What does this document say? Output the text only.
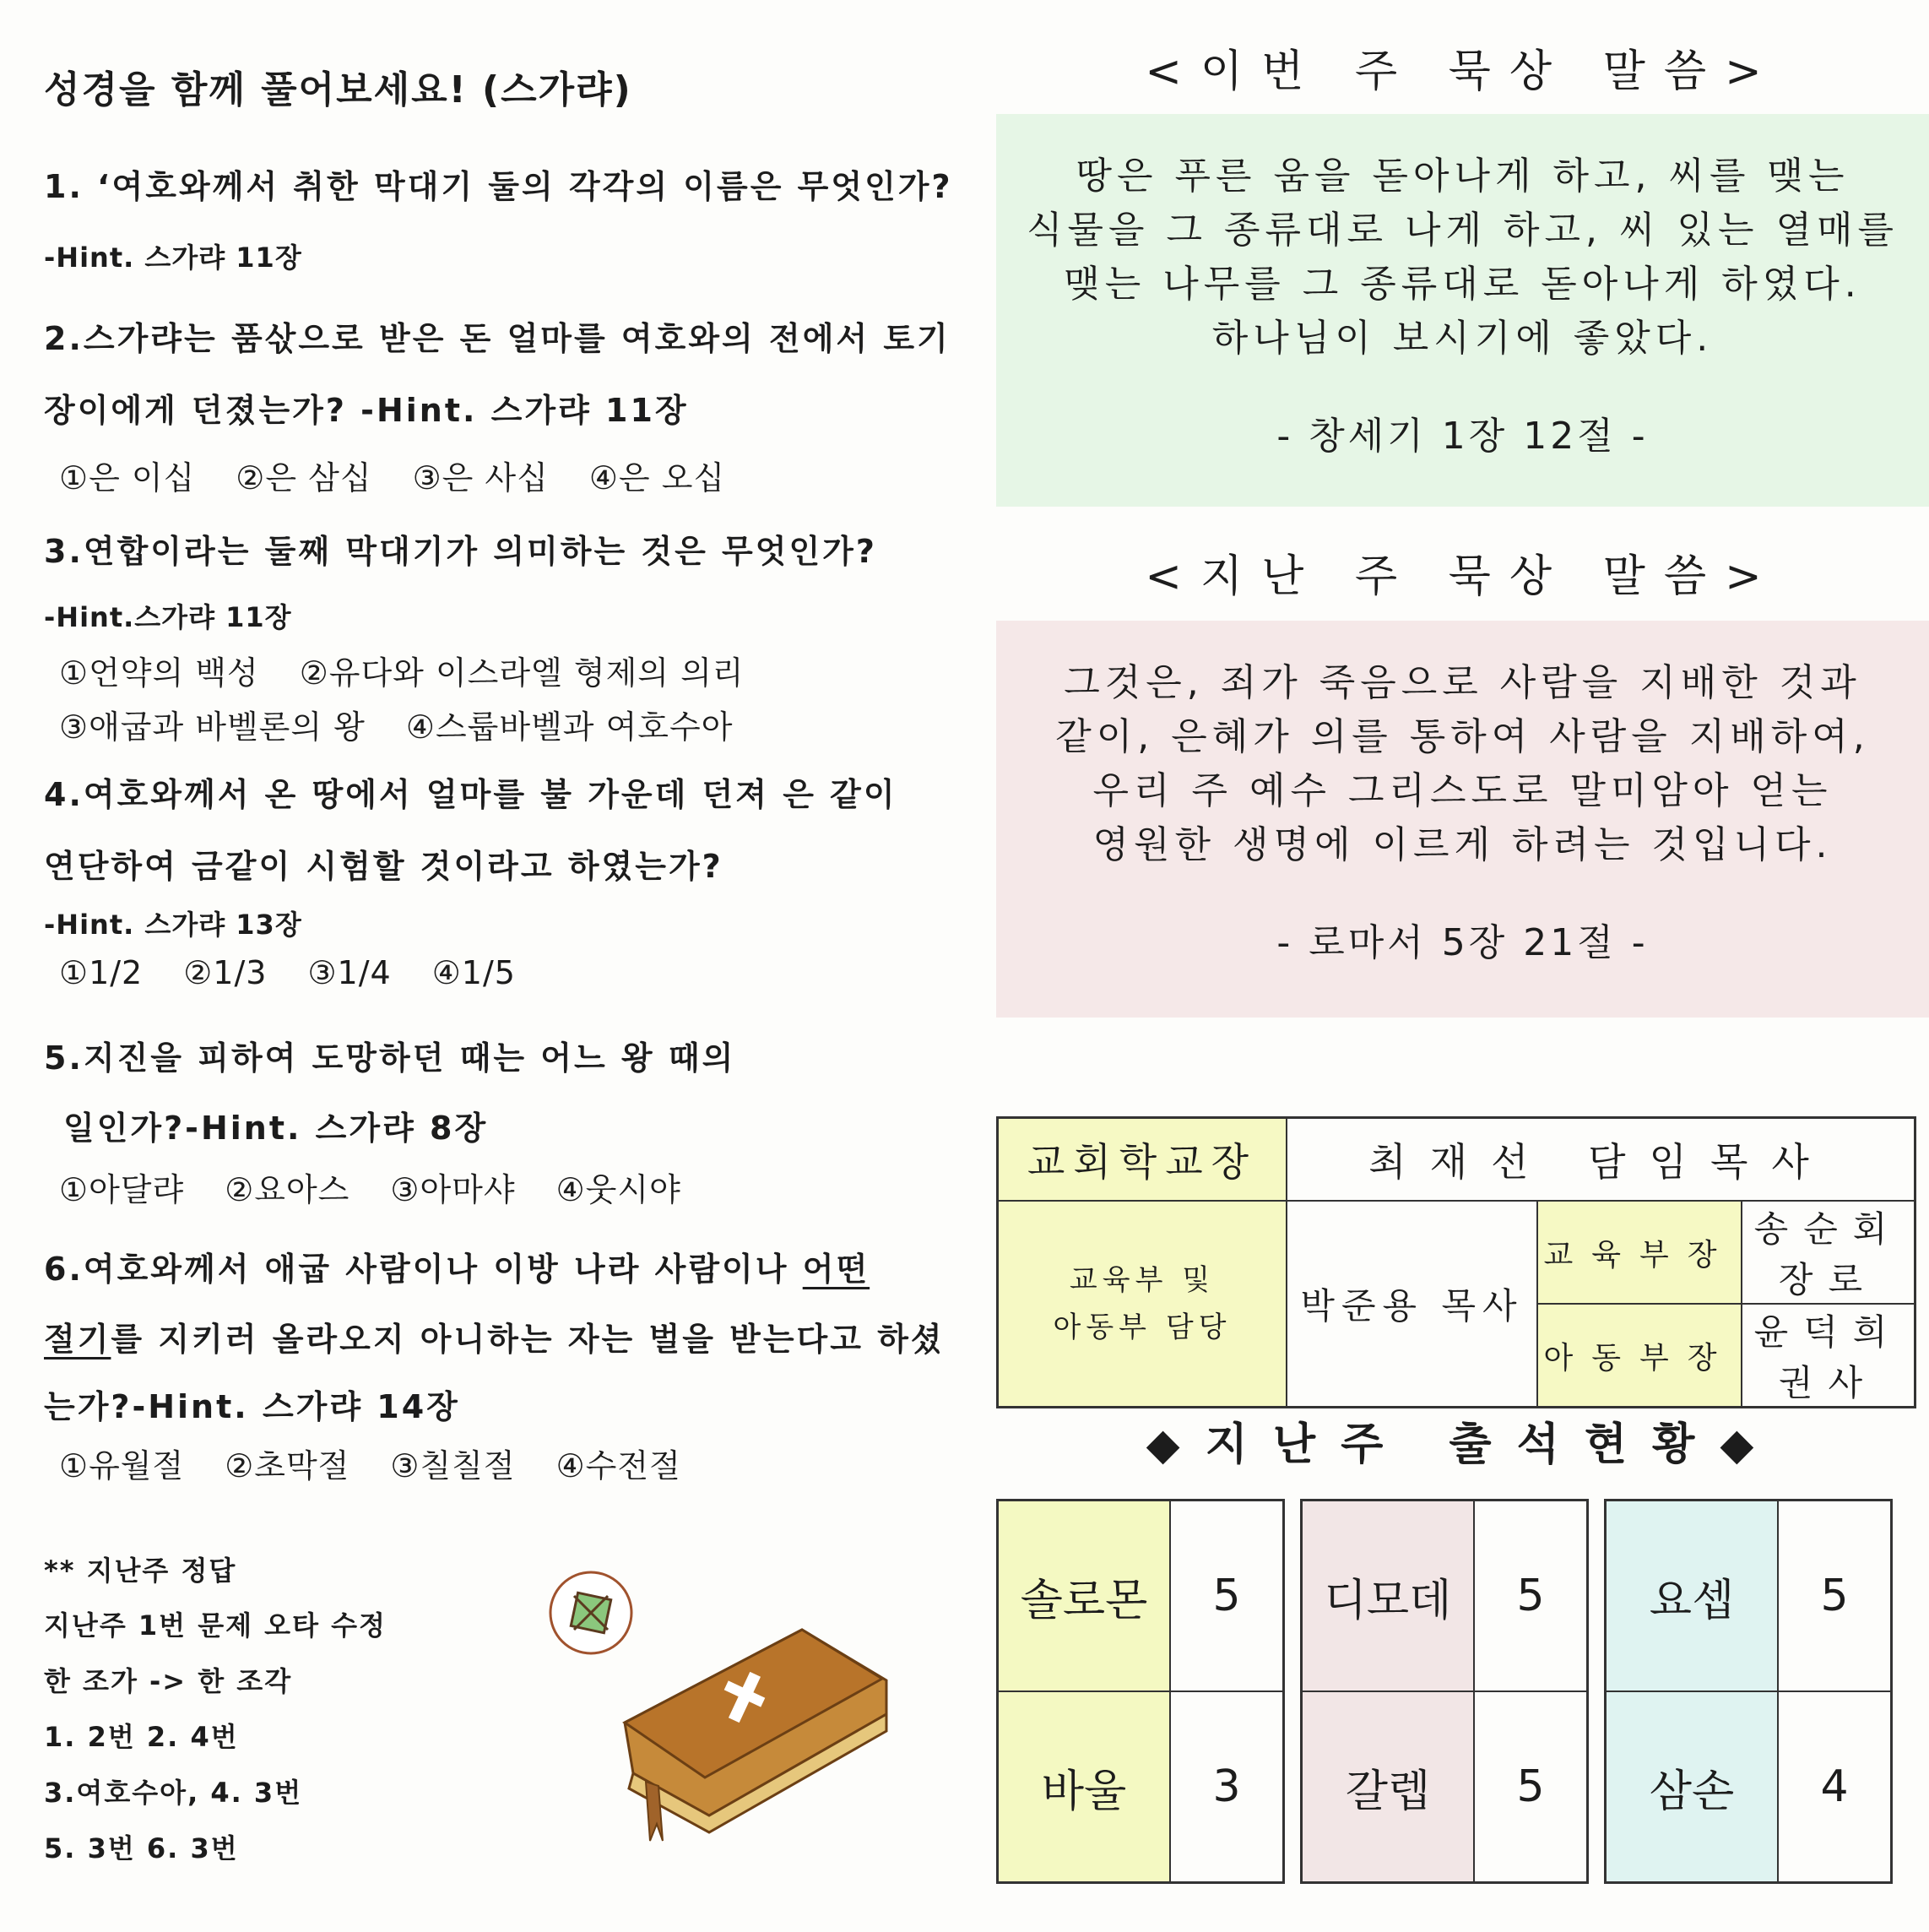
성경을 함께 풀어보세요! (스가랴)
1. ‘여호와께서 취한 막대기 둘의 각각의 이름은 무엇인가?
-Hint. 스가랴 11장
2.스가랴는 품삯으로 받은 돈 얼마를 여호와의 전에서 토기
장이에게 던졌는가? -Hint. 스가랴 11장
①은 이십 ②은 삼십 ③은 사십 ④은 오십
3.연합이라는 둘째 막대기가 의미하는 것은 무엇인가?
-Hint.스가랴 11장
①언약의 백성 ②유다와 이스라엘 형제의 의리
③애굽과 바벨론의 왕 ④스룹바벨과 여호수아
4.여호와께서 온 땅에서 얼마를 불 가운데 던져 은 같이
연단하여 금같이 시험할 것이라고 하였는가?
-Hint. 스가랴 13장
①1/2 ②1/3 ③1/4 ④1/5
5.지진을 피하여 도망하던 때는 어느 왕 때의
일인가?-Hint. 스가랴 8장
①아달랴 ②요아스 ③아마샤 ④웃시야
6.여호와께서 애굽 사람이나 이방 나라 사람이나 어떤
절기를 지키러 올라오지 아니하는 자는 벌을 받는다고 하셨
는가?-Hint. 스가랴 14장
①유월절 ②초막절 ③칠칠절 ④수전절
** 지난주 정답
지난주 1번 문제 오타 수정
한 조가 -> 한 조각
1. 2번 2. 4번
3.여호수아, 4. 3번
5. 3번 6. 3번
<이번 주 묵상 말씀>
땅은 푸른 움을 돋아나게 하고, 씨를 맺는
식물을 그 종류대로 나게 하고, 씨 있는 열매를
맺는 나무를 그 종류대로 돋아나게 하였다.
하나님이 보시기에 좋았다.
- 창세기 1장 12절 -
<지난 주 묵상 말씀>
그것은, 죄가 죽음으로 사람을 지배한 것과
같이, 은혜가 의를 통하여 사람을 지배하여,
우리 주 예수 그리스도로 말미암아 얻는
영원한 생명에 이르게 하려는 것입니다.
- 로마서 5장 21절 -
교회학교장	최재선 담임목사		

교육부 및
아동부 담당	박준용 목사	교육부장	송순회장로
		아동부장	윤덕희권사
◆지난주 출석현황◆
솔로몬	5
바울	3
디모데	5
갈렙	5
요셉	5
삼손	4
